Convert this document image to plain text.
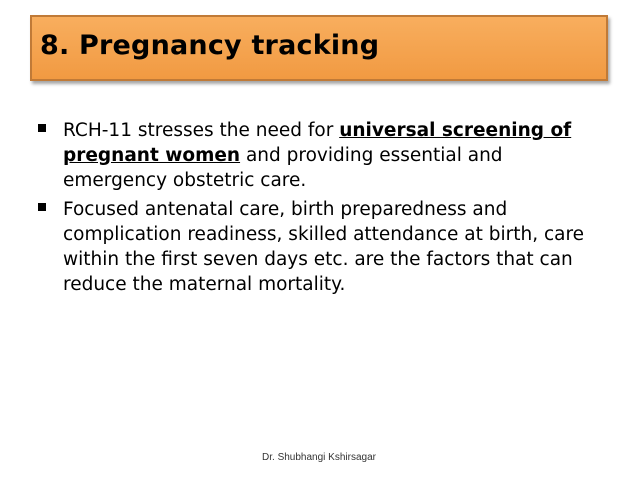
8. Pregnancy tracking
RCH-11 stresses the need for universal screening of pregnant women and providing essential and emergency obstetric care.
Focused antenatal care, birth preparedness and complication readiness, skilled attendance at birth, care within the first seven days etc. are the factors that can reduce the maternal mortality.
Dr. Shubhangi Kshirsagar
